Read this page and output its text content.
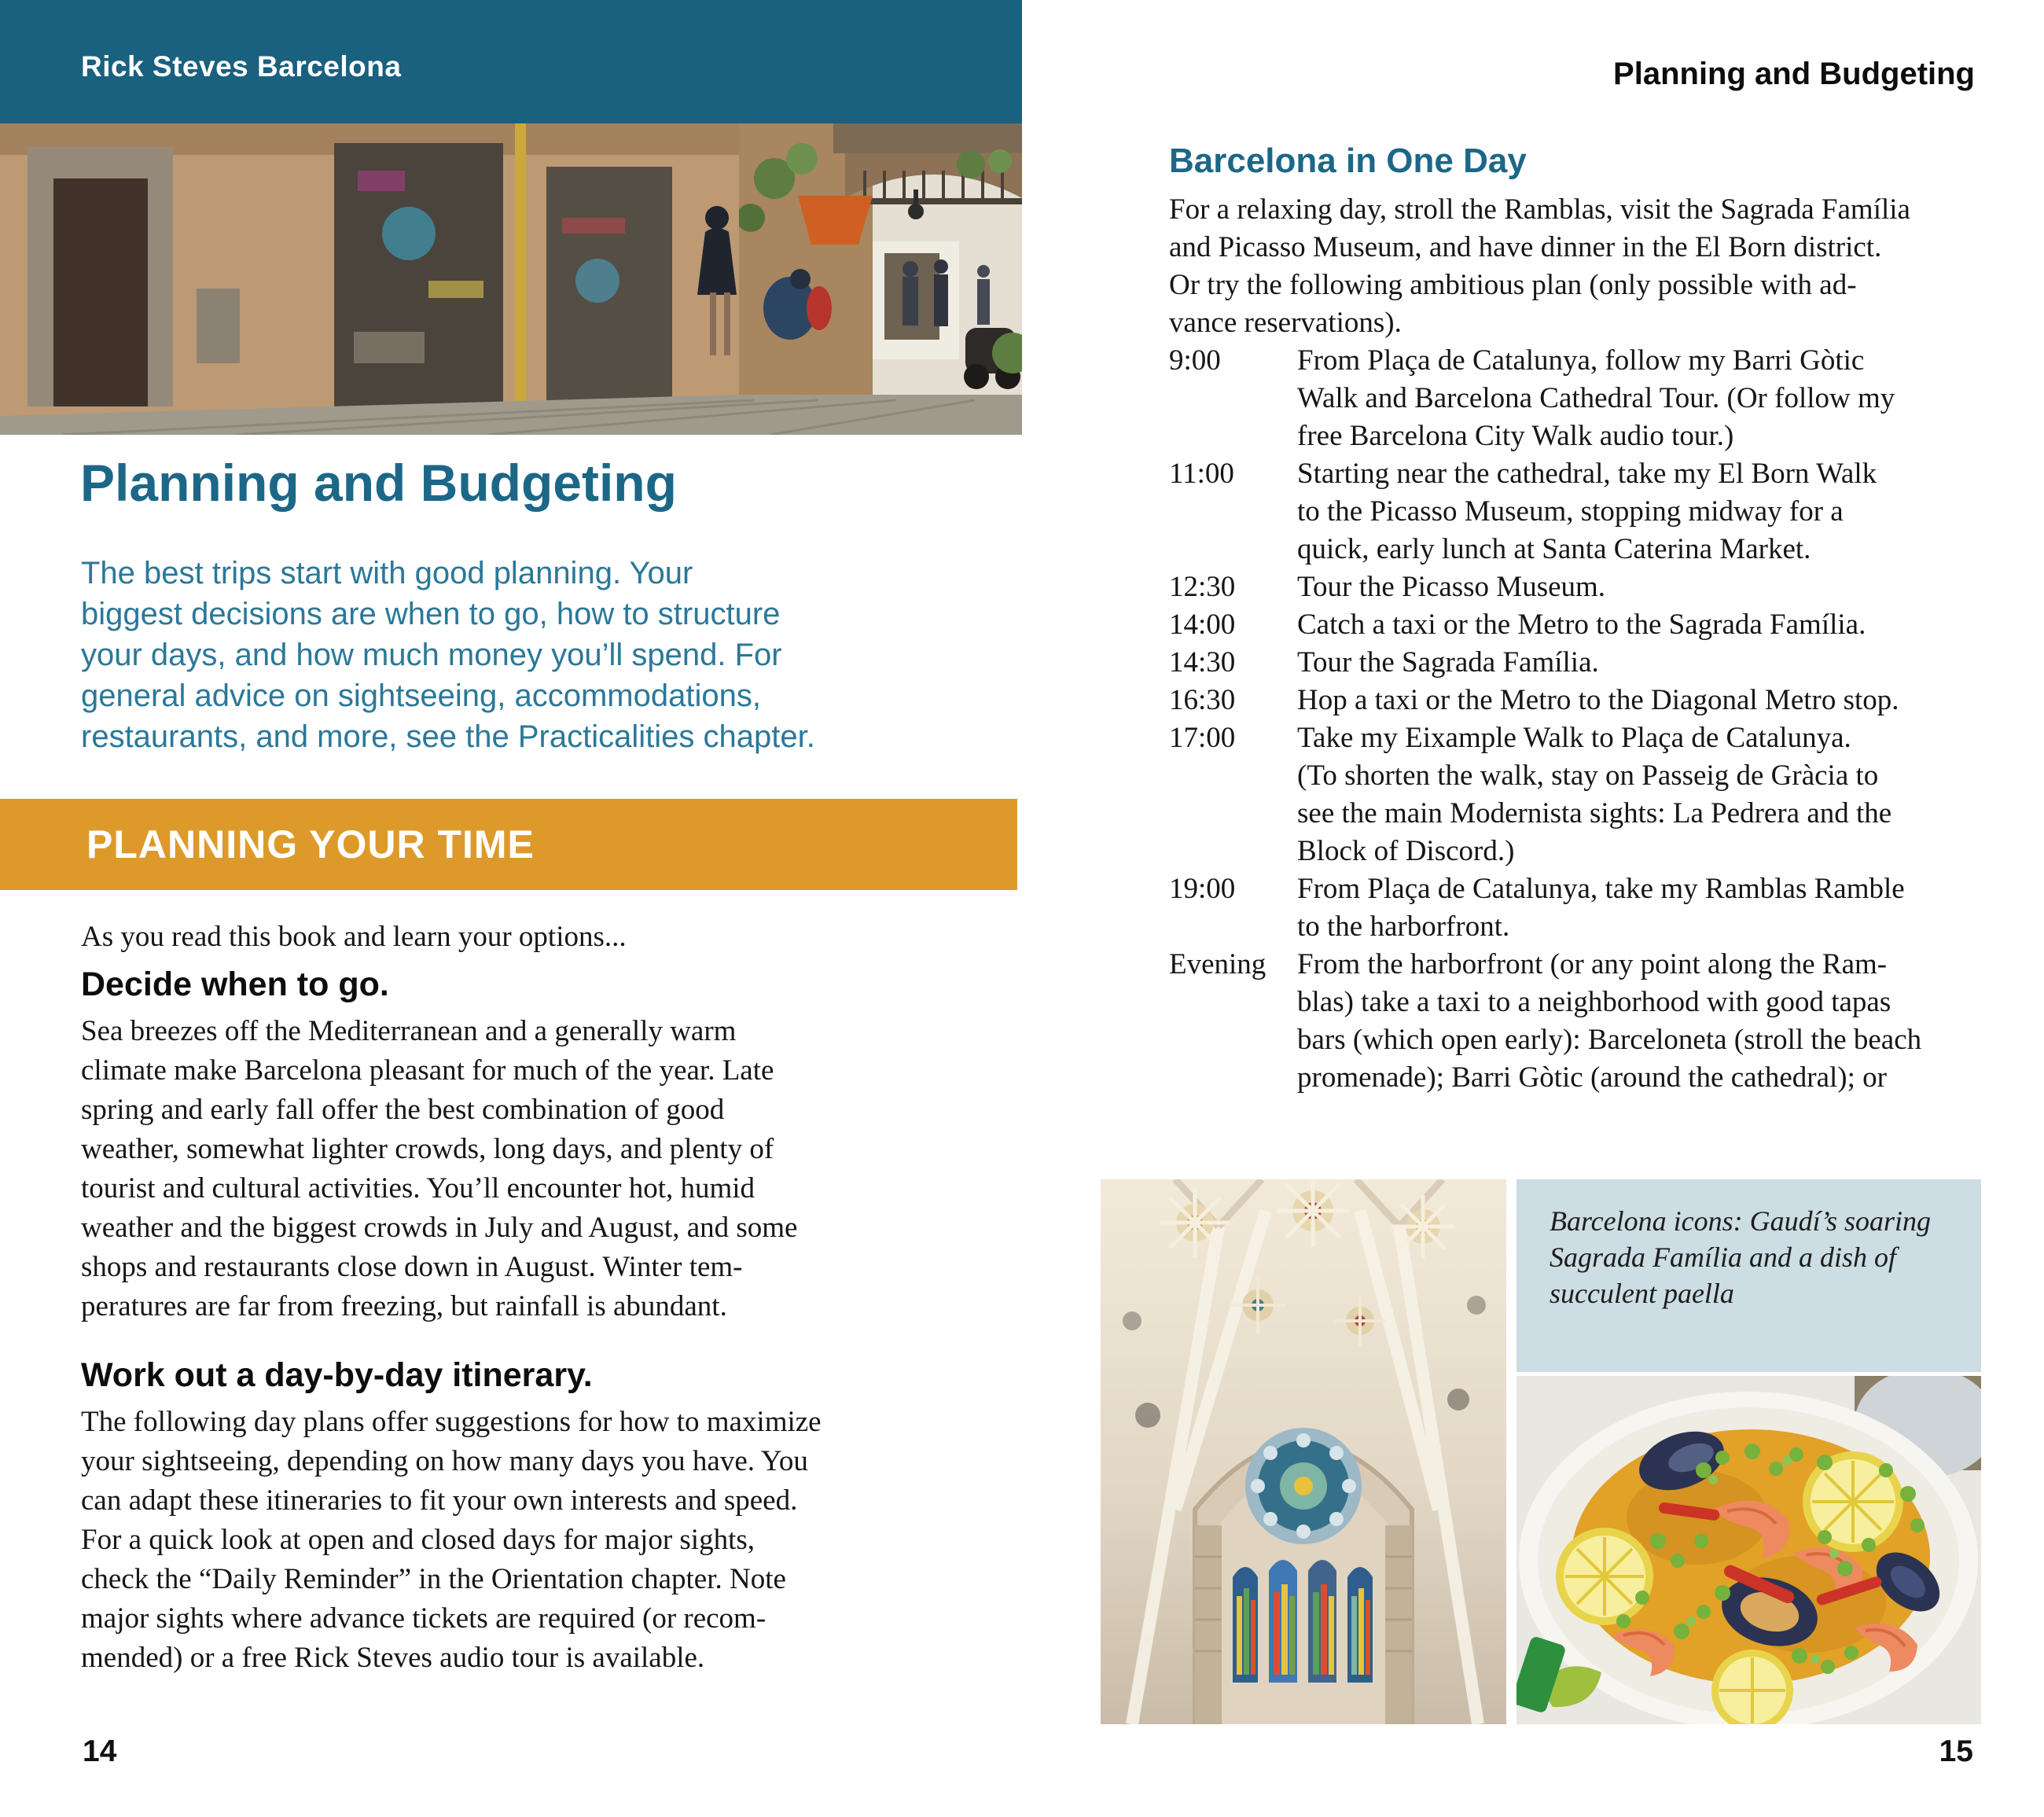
Rick Steves Barcelona
Planning and Budgeting
The best trips start with good planning. Your
biggest decisions are when to go, how to structure
your days, and how much money you’ll spend. For
general advice on sightseeing, accommodations,
restaurants, and more, see the Practicalities chapter.
PLANNING YOUR TIME
As you read this book and learn your options...
Decide when to go.
Sea breezes off the Mediterranean and a generally warm
climate make Barcelona pleasant for much of the year. Late
spring and early fall offer the best combination of good
weather, somewhat lighter crowds, long days, and plenty of
tourist and cultural activities. You’ll encounter hot, humid
weather and the biggest crowds in July and August, and some
shops and restaurants close down in August. Winter tem-
peratures are far from freezing, but rainfall is abundant.
Work out a day-by-day itinerary.
The following day plans offer suggestions for how to maximize
your sightseeing, depending on how many days you have. You
can adapt these itineraries to fit your own interests and speed.
For a quick look at open and closed days for major sights,
check the “Daily Reminder” in the Orientation chapter. Note
major sights where advance tickets are required (or recom-
mended) or a free Rick Steves audio tour is available.
14
Planning and Budgeting
Barcelona in One Day
For a relaxing day, stroll the Ramblas, visit the Sagrada Família
and Picasso Museum, and have dinner in the El Born district.
Or try the following ambitious plan (only possible with ad-
vance reservations).
9:00	From Plaça de Catalunya, follow my Barri Gòtic
Walk and Barcelona Cathedral Tour. (Or follow my
free Barcelona City Walk audio tour.)
11:00	Starting near the cathedral, take my El Born Walk
to the Picasso Museum, stopping midway for a
quick, early lunch at Santa Caterina Market.
12:30	Tour the Picasso Museum.
14:00	Catch a taxi or the Metro to the Sagrada Família.
14:30	Tour the Sagrada Família.
16:30	Hop a taxi or the Metro to the Diagonal Metro stop.
17:00	Take my Eixample Walk to Plaça de Catalunya.
(To shorten the walk, stay on Passeig de Gràcia to
see the main Modernista sights: La Pedrera and the
Block of Discord.)
19:00	From Plaça de Catalunya, take my Ramblas Ramble
to the harborfront.
Evening	From the harborfront (or any point along the Ram-
blas) take a taxi to a neighborhood with good tapas
bars (which open early): Barceloneta (stroll the beach
promenade); Barri Gòtic (around the cathedral); or
Barcelona icons: Gaudí’s soaring
Sagrada Família and a dish of
succulent paella
15
